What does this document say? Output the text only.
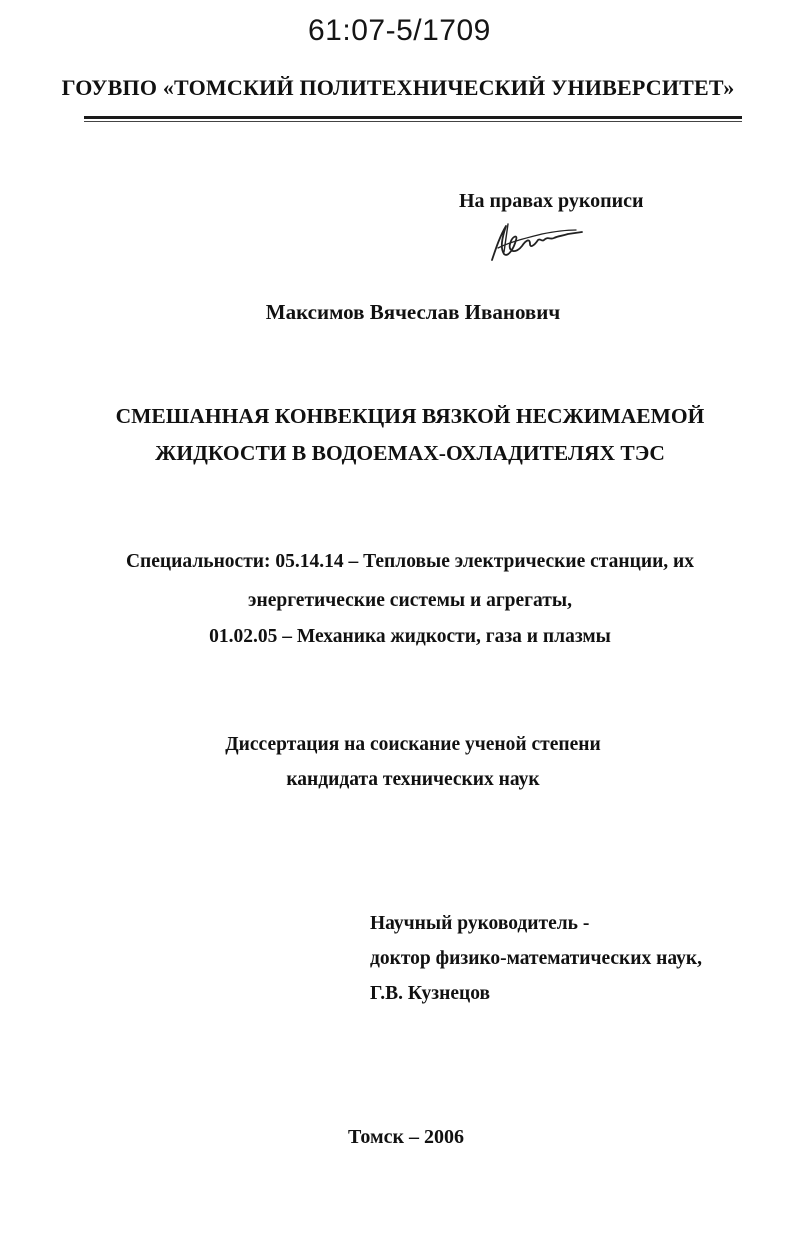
61:07-5/1709
ГОУВПО «ТОМСКИЙ ПОЛИТЕХНИЧЕСКИЙ УНИВЕРСИТЕТ»
На правах рукописи
Максимов Вячеслав Иванович
СМЕШАННАЯ КОНВЕКЦИЯ ВЯЗКОЙ НЕСЖИМАЕМОЙ
ЖИДКОСТИ В ВОДОЕМАХ-ОХЛАДИТЕЛЯХ ТЭС
Специальности: 05.14.14 – Тепловые электрические станции, их
энергетические системы и агрегаты,
01.02.05 – Механика жидкости, газа и плазмы
Диссертация на соискание ученой степени
кандидата технических наук
Научный руководитель -
доктор физико-математических наук,
Г.В. Кузнецов
Томск – 2006
